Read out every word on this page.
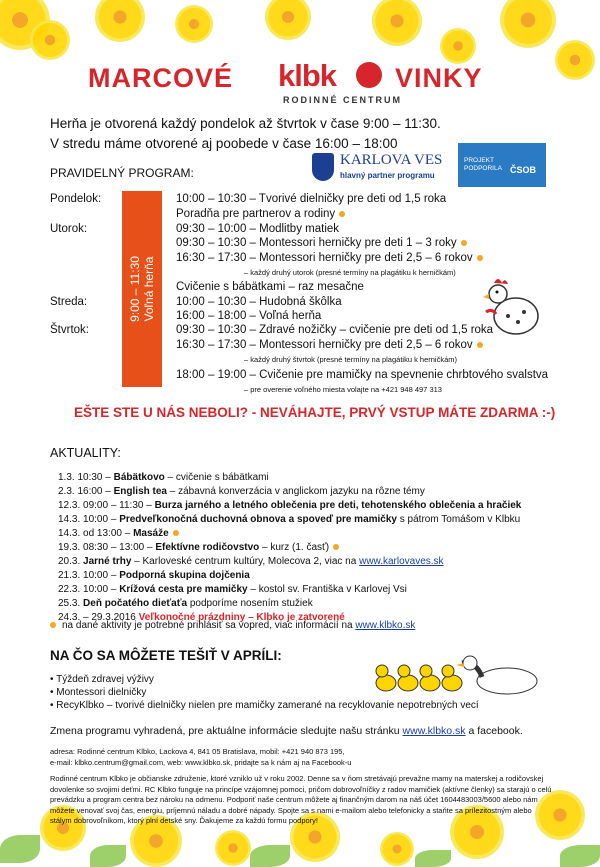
MARCOVÉ klbk VINKY
RODINNÉ CENTRUM
Herňa je otvorená každý pondelok až štvrtok v čase 9:00 – 11:30.
V stredu máme otvorené aj poobede v čase 16:00 – 18:00
PRAVIDELNÝ PROGRAM:
KARLOVA VES
hlavný partner programu
PROJEKT
PODPORILA ČSOB
9:00 – 11:30 Voľná herňa
Pondelok:
Utorok:
Streda:
Štvrtok:
10:00 – 10:30 – Tvorivé dielničky pre deti od 1,5 roka
Poradňa pre partnerov a rodiny
09:30 – 10:00 – Modlitby matiek
09:30 – 10:30 – Montessori herničky pre deti 1 – 3 roky
16:30 – 17:30 – Montessori herničky pre deti 2,5 – 6 rokov
– každý druhý utorok (presné termíny na plagátiku k herničkám)
Cvičenie s bábätkami – raz mesačne
10:00 – 10:30 – Hudobná škôlka
16:00 – 18:00 – Voľná herňa
09:30 – 10:30 – Zdravé nožičky – cvičenie pre deti od 1,5 roka
16:30 – 17:30 – Montessori herničky pre deti 2,5 – 6 rokov
– každý druhý štvrtok (presné termíny na plagátiku k herničkám)
18:00 – 19:00 – Cvičenie pre mamičky na spevnenie chrbtového svalstva
– pre overenie voľného miesta volajte na +421 948 497 313
EŠTE STE U NÁS NEBOLI? - NEVÁHAJTE, PRVÝ VSTUP MÁTE ZDARMA :-)
AKTUALITY:
1.3. 10:30 – Bábätkovo – cvičenie s bábätkami
2.3. 16:00 – English tea – zábavná konverzácia v anglickom jazyku na rôzne témy
12.3. 09:00 – 11:30 – Burza jarného a letného oblečenia pre deti, tehotenského oblečenia a hračiek
14.3. 10:00 – Predveľkonočná duchovná obnova a spoveď pre mamičky s pátrom Tomášom v Klbku
14.3. od 13:00 – Masáže
19.3. 08:30 – 13:00 – Efektívne rodičovstvo – kurz (1. časť)
20.3. Jarné trhy – Karloveské centrum kultúry, Molecova 2, viac na www.karlovaves.sk
21.3. 10:00 – Podporná skupina dojčenia
22.3. 10:00 – Krížová cesta pre mamičky – kostol sv. Františka v Karlovej Vsi
25.3. Deň počatého dieťaťa podporíme nosením stužiek
24.3. – 29.3.2016 Veľkonočné prázdniny – Klbko je zatvorené
na dané aktivity je potrebné prihlásiť sa vopred, viac informácií na www.klbko.sk
NA ČO SA MÔŽETE TEŠIŤ V APRÍLI:
• Týždeň zdravej výživy
• Montessori dielničky
• RecyKlbko – tvorivé dielničky nielen pre mamičky zamerané na recyklovanie nepotrebných vecí
Zmena programu vyhradená, pre aktuálne informácie sledujte našu stránku www.klbko.sk a facebook.
adresa: Rodinné centrum Klbko, Lackova 4, 841 05 Bratislava, mobil: +421 940 873 195,
e-mail: klbko.centrum@gmail.com, web: www.klbko.sk, pridajte sa k nám aj na Facebook-u
Rodinné centrum Klbko je občianske združenie, ktoré vzniklo už v roku 2002. Denne sa v ňom stretávajú prevažne mamy na materskej a rodičovskej dovolenke so svojimi deťmi. RC Klbko funguje na princípe vzájomnej pomoci, pričom dobrovoľníčky z radov mamičiek (aktívne členky) sa starajú o celú prevádzku a program centra bez nároku na odmenu. Podporiť naše centrum môžete aj finančným darom na náš účet 1604483003/5600 alebo nám môžete venovať svoj čas, energiu, príjemnú náladu a dobré nápady. Spojte sa s nami e-mailom alebo telefonicky a staňte sa prílezitostným alebo stálym dobrovoľníkom, ktorý plní detské sny. Ďakujeme za každú formu podpory!
